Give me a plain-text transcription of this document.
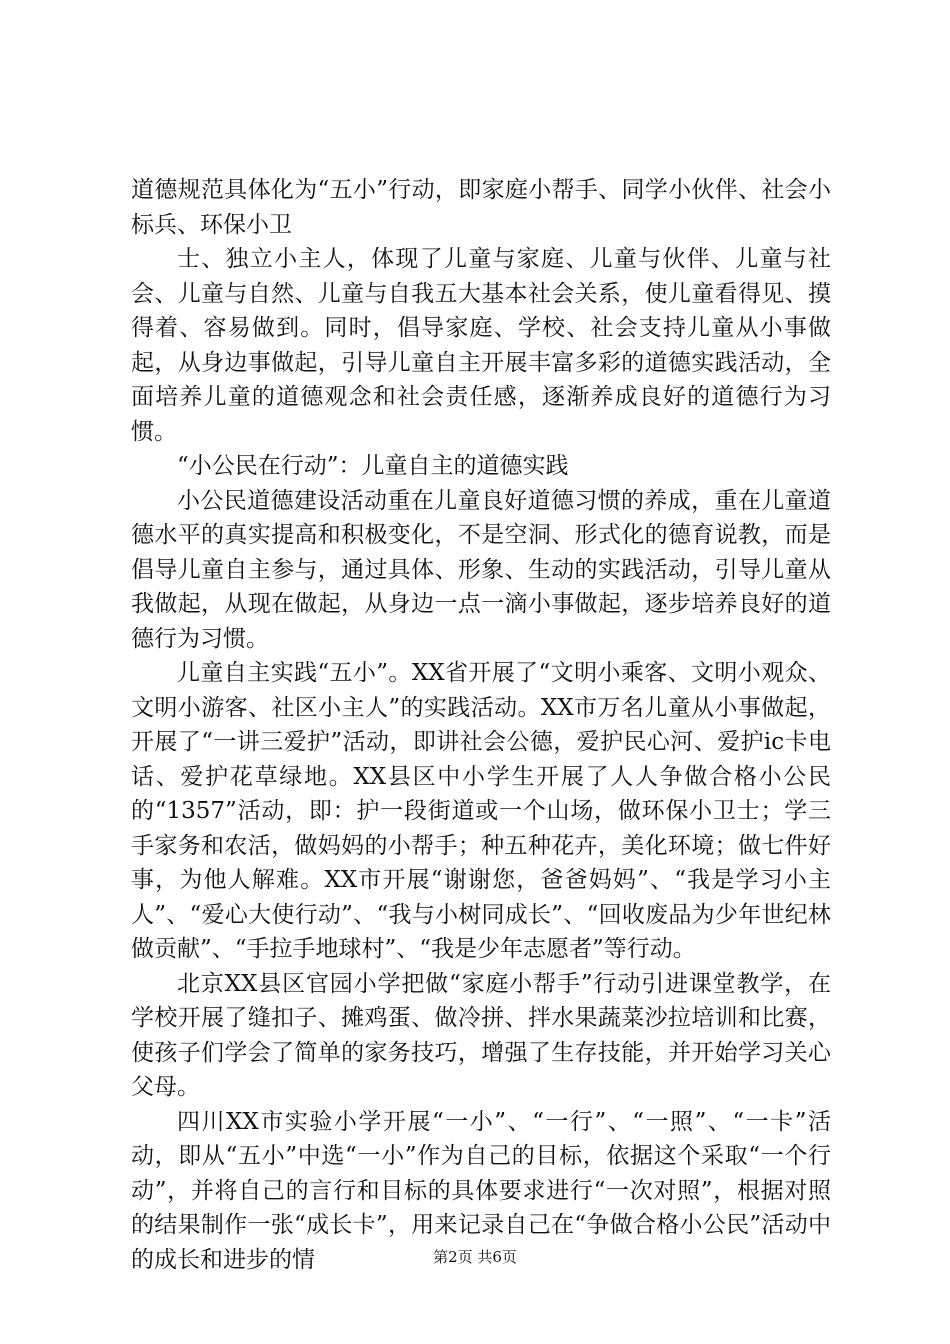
道德规范具体化为“五小”行动，即家庭小帮手、同学小伙伴、社会小标兵、环保小卫

士、独立小主人，体现了儿童与家庭、儿童与伙伴、儿童与社会、儿童与自然、儿童与自我五大基本社会关系，使儿童看得见、摸得着、容易做到。同时，倡导家庭、学校、社会支持儿童从小事做起，从身边事做起，引导儿童自主开展丰富多彩的道德实践活动，全面培养儿童的道德观念和社会责任感，逐渐养成良好的道德行为习惯。

“小公民在行动”：儿童自主的道德实践

小公民道德建设活动重在儿童良好道德习惯的养成，重在儿童道德水平的真实提高和积极变化，不是空洞、形式化的德育说教，而是倡导儿童自主参与，通过具体、形象、生动的实践活动，引导儿童从我做起，从现在做起，从身边一点一滴小事做起，逐步培养良好的道德行为习惯。

儿童自主实践“五小”。XX省开展了“文明小乘客、文明小观众、文明小游客、社区小主人”的实践活动。XX市万名儿童从小事做起，开展了“一讲三爱护”活动，即讲社会公德，爱护民心河、爱护ic卡电话、爱护花草绿地。XX县区中小学生开展了人人争做合格小公民的“1357”活动，即：护一段街道或一个山场，做环保小卫士；学三手家务和农活，做妈妈的小帮手；种五种花卉，美化环境；做七件好事，为他人解难。XX市开展“谢谢您，爸爸妈妈”、“我是学习小主人”、“爱心大使行动”、“我与小树同成长”、“回收废品为少年世纪林做贡献”、“手拉手地球村”、“我是少年志愿者”等行动。

北京XX县区官园小学把做“家庭小帮手”行动引进课堂教学，在学校开展了缝扣子、摊鸡蛋、做冷拼、拌水果蔬菜沙拉培训和比赛，使孩子们学会了简单的家务技巧，增强了生存技能，并开始学习关心父母。

四川XX市实验小学开展“一小”、“一行”、“一照”、“一卡”活动，即从“五小”中选“一小”作为自己的目标，依据这个采取“一个行动”，并将自己的言行和目标的具体要求进行“一次对照”，根据对照的结果制作一张“成长卡”，用来记录自己在“争做合格小公民”活动中的成长和进步的情	第2页 共6页
